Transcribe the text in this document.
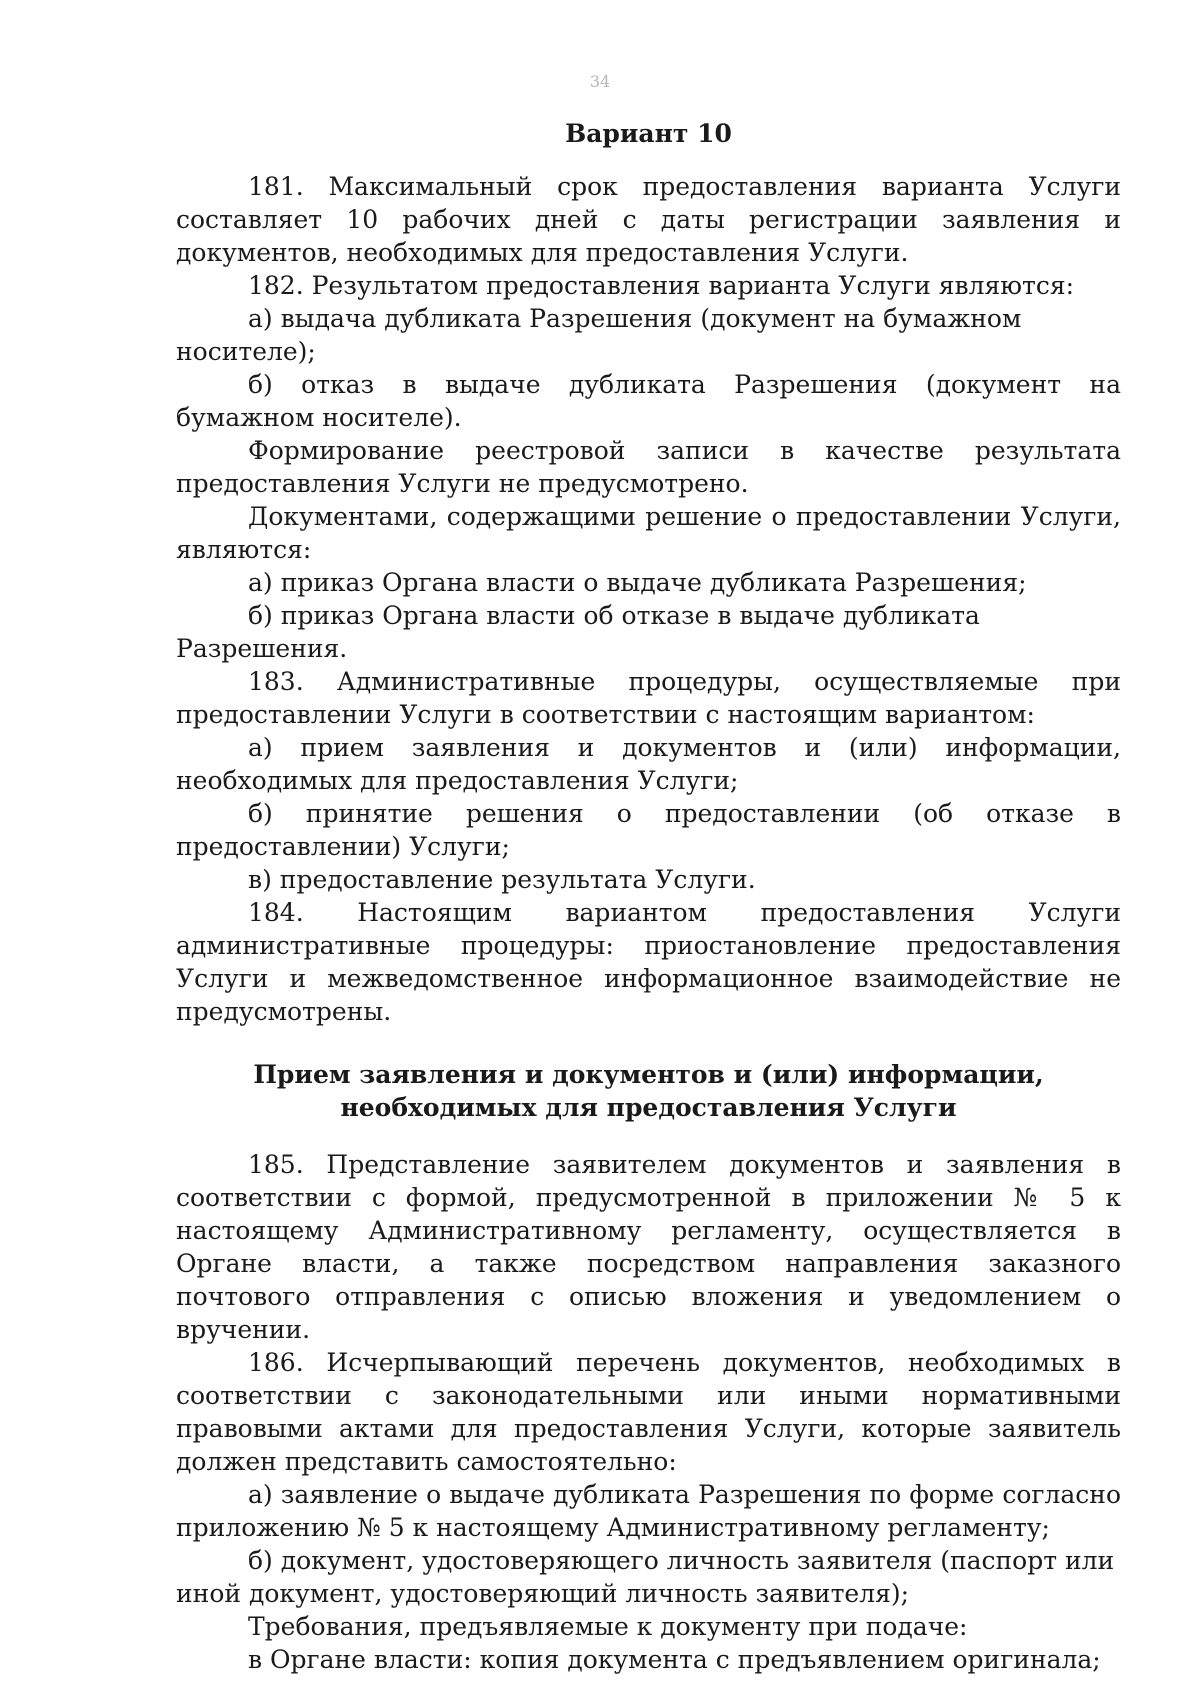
34
Вариант 10

181. Максимальный срок предоставления варианта Услуги составляет 10 рабочих дней с даты регистрации заявления и документов, необходимых для предоставления Услуги.

182. Результатом предоставления варианта Услуги являются:

а) выдача дубликата Разрешения (документ на бумажном носителе);

б) отказ в выдаче дубликата Разрешения (документ на бумажном носителе).

Формирование реестровой записи в качестве результата предоставления Услуги не предусмотрено.

Документами, содержащими решение о предоставлении Услуги, являются:

а) приказ Органа власти о выдаче дубликата Разрешения;

б) приказ Органа власти об отказе в выдаче дубликата Разрешения.

183. Административные процедуры, осуществляемые при предоставлении Услуги в соответствии с настоящим вариантом:

а) прием заявления и документов и (или) информации, необходимых для предоставления Услуги;

б) принятие решения о предоставлении (об отказе в предоставлении) Услуги;

в) предоставление результата Услуги.

184. Настоящим вариантом предоставления Услуги административные процедуры: приостановление предоставления Услуги и межведомственное информационное взаимодействие не предусмотрены.

Прием заявления и документов и (или) информации, необходимых для предоставления Услуги

185. Представление заявителем документов и заявления в соответствии с формой, предусмотренной в приложении № 5 к настоящему Административному регламенту, осуществляется в Органе власти, а также посредством направления заказного почтового отправления с описью вложения и уведомлением о вручении.

186. Исчерпывающий перечень документов, необходимых в соответствии с законодательными или иными нормативными правовыми актами для предоставления Услуги, которые заявитель должен представить самостоятельно:

а) заявление о выдаче дубликата Разрешения по форме согласно приложению № 5 к настоящему Административному регламенту;

б) документ, удостоверяющего личность заявителя (паспорт или иной документ, удостоверяющий личность заявителя);

Требования, предъявляемые к документу при подаче:

в Органе власти: копия документа с предъявлением оригинала;
